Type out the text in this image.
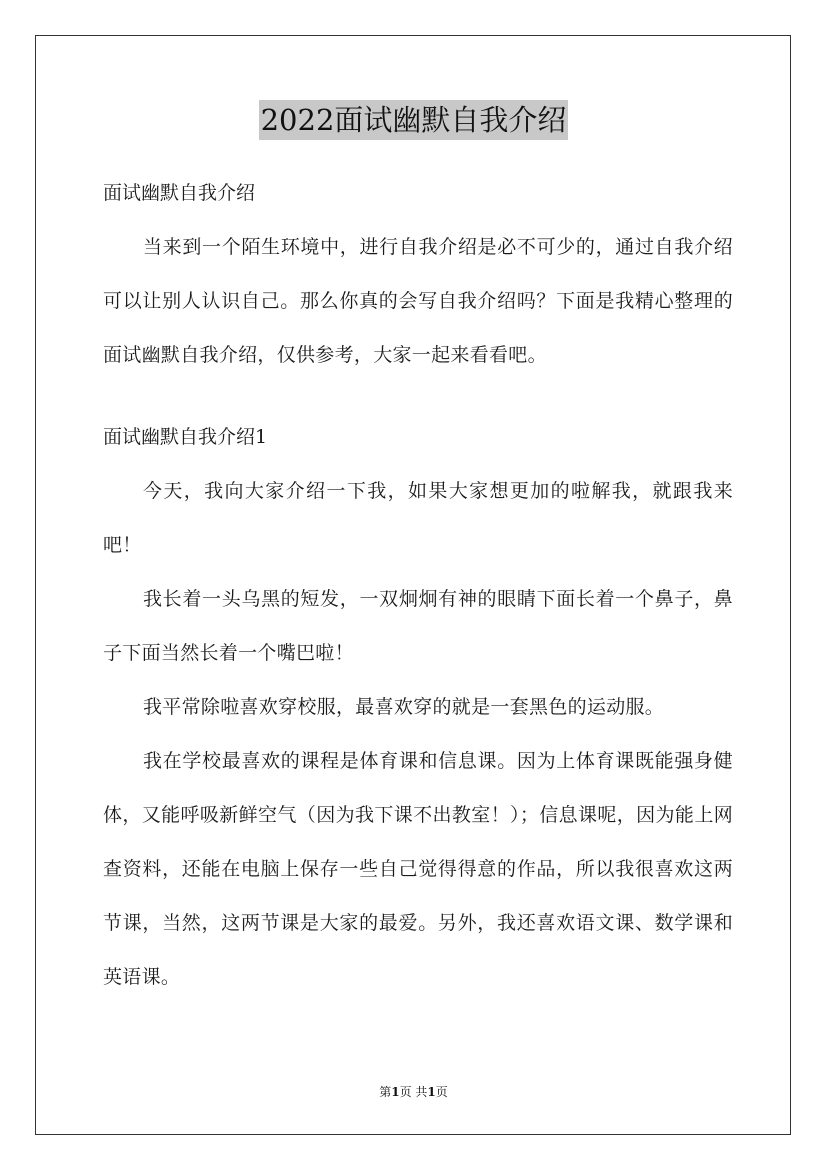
2022面试幽默自我介绍

面试幽默自我介绍

当来到一个陌生环境中，进行自我介绍是必不可少的，通过自我介绍可以让别人认识自己。那么你真的会写自我介绍吗？下面是我精心整理的面试幽默自我介绍，仅供参考，大家一起来看看吧。

面试幽默自我介绍1

今天，我向大家介绍一下我，如果大家想更加的啦解我，就跟我来吧！

我长着一头乌黑的短发，一双炯炯有神的眼睛下面长着一个鼻子，鼻子下面当然长着一个嘴巴啦！

我平常除啦喜欢穿校服，最喜欢穿的就是一套黑色的运动服。

我在学校最喜欢的课程是体育课和信息课。因为上体育课既能强身健体，又能呼吸新鲜空气（因为我下课不出教室！）；信息课呢，因为能上网查资料，还能在电脑上保存一些自己觉得得意的作品，所以我很喜欢这两节课，当然，这两节课是大家的最爱。另外，我还喜欢语文课、数学课和英语课。

第1页 共1页
